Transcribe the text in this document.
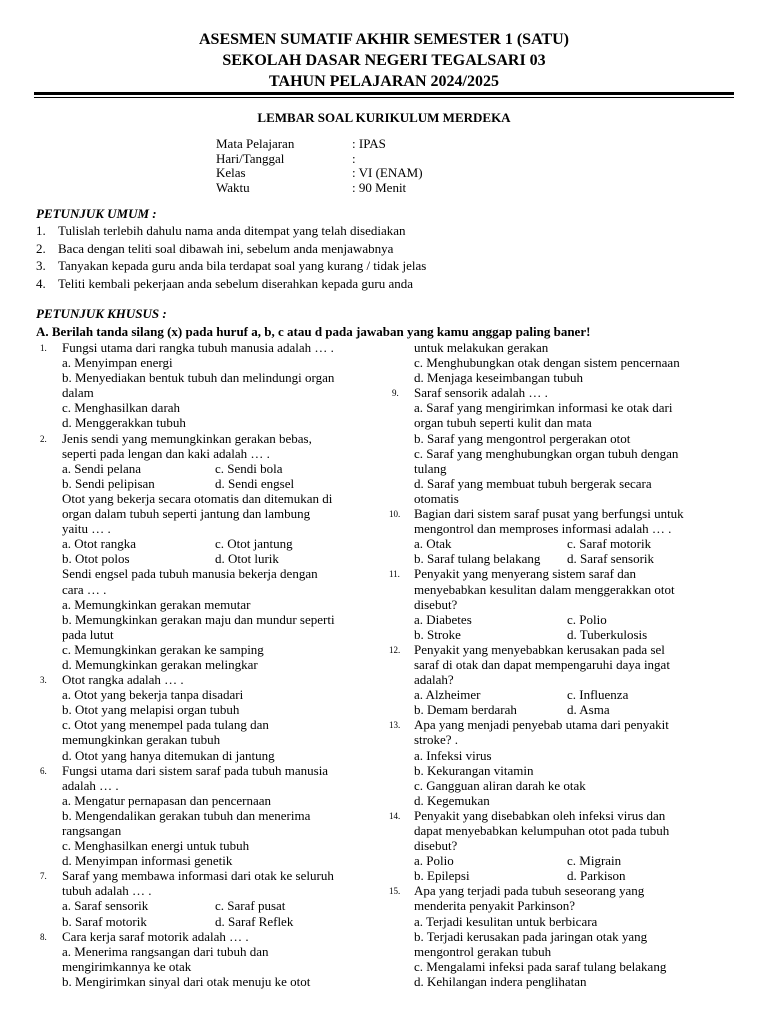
ASESMEN SUMATIF AKHIR SEMESTER 1 (SATU)
SEKOLAH DASAR NEGERI TEGALSARI 03
TAHUN PELAJARAN 2024/2025
LEMBAR SOAL KURIKULUM MERDEKA
Mata Pelajaran	: IPAS
Hari/Tanggal	:
Kelas	: VI (ENAM)
Waktu	: 90 Menit
PETUNJUK UMUM :
1. Tulislah terlebih dahulu nama anda ditempat yang telah disediakan
2. Baca dengan teliti soal dibawah ini, sebelum anda menjawabnya
3. Tanyakan kepada guru anda bila terdapat soal yang kurang / tidak jelas
4. Teliti kembali pekerjaan anda sebelum diserahkan kepada guru anda
PETUNJUK KHUSUS :
A. Berilah tanda silang (x) pada huruf a, b, c atau d pada jawaban yang kamu anggap paling baner!
1. Fungsi utama dari rangka tubuh manusia adalah … .
a. Menyimpan energi
b. Menyediakan bentuk tubuh dan melindungi organ
dalam
c. Menghasilkan darah
d. Menggerakkan tubuh
2. Jenis sendi yang memungkinkan gerakan bebas,
seperti pada lengan dan kaki adalah … .
a. Sendi pelana	c. Sendi bola
b. Sendi pelipisan	d. Sendi engsel
Otot yang bekerja secara otomatis dan ditemukan di
organ dalam tubuh seperti jantung dan lambung
yaitu … .
a. Otot rangka	c. Otot jantung
b. Otot polos	d. Otot lurik
Sendi engsel pada tubuh manusia bekerja dengan
cara … .
a. Memungkinkan gerakan memutar
b. Memungkinkan gerakan maju dan mundur seperti
pada lutut
c. Memungkinkan gerakan ke samping
d. Memungkinkan gerakan melingkar
3. Otot rangka adalah … .
a. Otot yang bekerja tanpa disadari
b. Otot yang melapisi organ tubuh
c. Otot yang menempel pada tulang dan
memungkinkan gerakan tubuh
d. Otot yang hanya ditemukan di jantung
6. Fungsi utama dari sistem saraf pada tubuh manusia
adalah … .
a. Mengatur pernapasan dan pencernaan
b. Mengendalikan gerakan tubuh dan menerima
rangsangan
c. Menghasilkan energi untuk tubuh
d. Menyimpan informasi genetik
7. Saraf yang membawa informasi dari otak ke seluruh
tubuh adalah … .
a. Saraf sensorik	c. Saraf pusat
b. Saraf motorik	d. Saraf Reflek
8. Cara kerja saraf motorik adalah … .
a. Menerima rangsangan dari tubuh dan
mengirimkannya ke otak
b. Mengirimkan sinyal dari otak menuju ke otot
untuk melakukan gerakan
c. Menghubungkan otak dengan sistem pencernaan
d. Menjaga keseimbangan tubuh
9. Saraf sensorik adalah … .
a. Saraf yang mengirimkan informasi ke otak dari
organ tubuh seperti kulit dan mata
b. Saraf yang mengontrol pergerakan otot
c. Saraf yang menghubungkan organ tubuh dengan
tulang
d. Saraf yang membuat tubuh bergerak secara
otomatis
10. Bagian dari sistem saraf pusat yang berfungsi untuk
mengontrol dan memproses informasi adalah … .
a. Otak	c. Saraf motorik
b. Saraf tulang belakang d. Saraf sensorik
11. Penyakit yang menyerang sistem saraf dan
menyebabkan kesulitan dalam menggerakkan otot
disebut?
a. Diabetes	c. Polio
b. Stroke	d. Tuberkulosis
12. Penyakit yang menyebabkan kerusakan pada sel
saraf di otak dan dapat mempengaruhi daya ingat
adalah?
a. Alzheimer	c. Influenza
b. Demam berdarah	d. Asma
13. Apa yang menjadi penyebab utama dari penyakit
stroke? .
a. Infeksi virus
b. Kekurangan vitamin
c. Gangguan aliran darah ke otak
d. Kegemukan
14. Penyakit yang disebabkan oleh infeksi virus dan
dapat menyebabkan kelumpuhan otot pada tubuh
disebut?
a. Polio	c. Migrain
b. Epilepsi	d. Parkison
15. Apa yang terjadi pada tubuh seseorang yang
menderita penyakit Parkinson?
a. Terjadi kesulitan untuk berbicara
b. Terjadi kerusakan pada jaringan otak yang
mengontrol gerakan tubuh
c. Mengalami infeksi pada saraf tulang belakang
d. Kehilangan indera penglihatan
